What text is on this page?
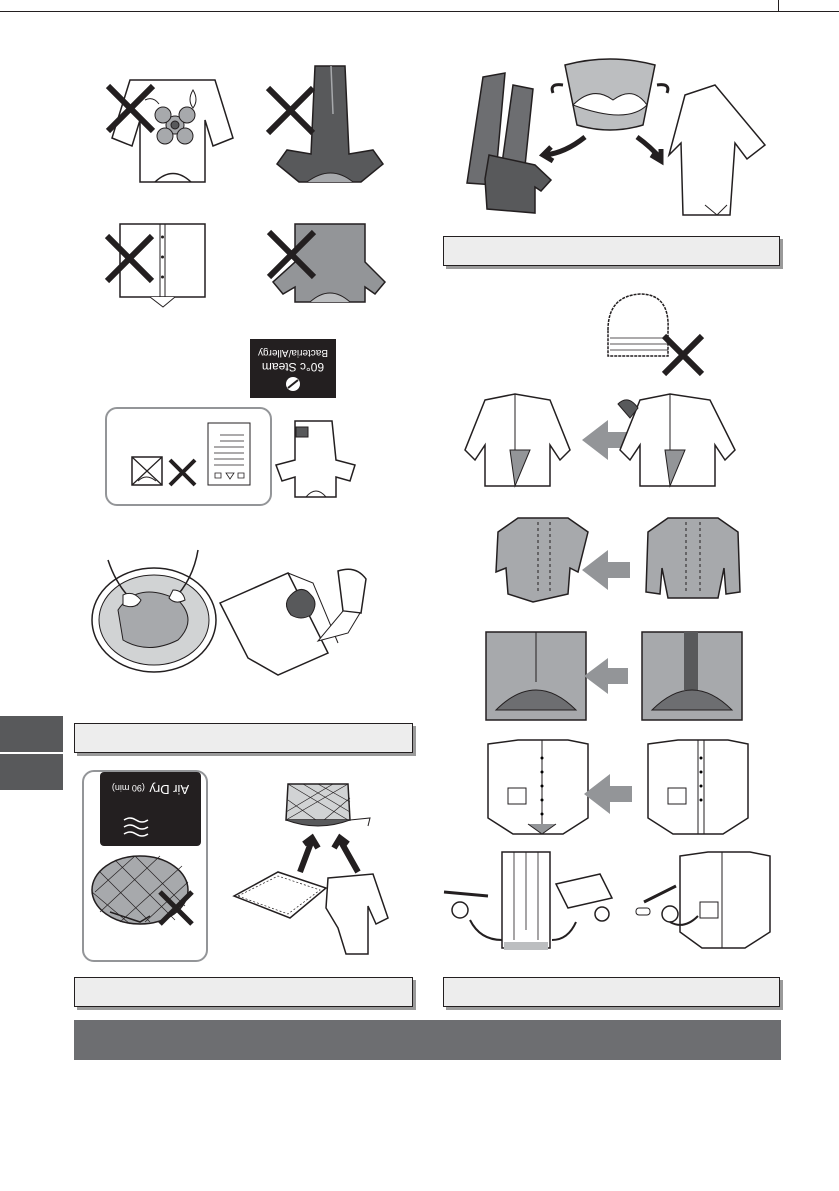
60°c Steam
Bacteria/Allergy
Air Dry (90 min)
